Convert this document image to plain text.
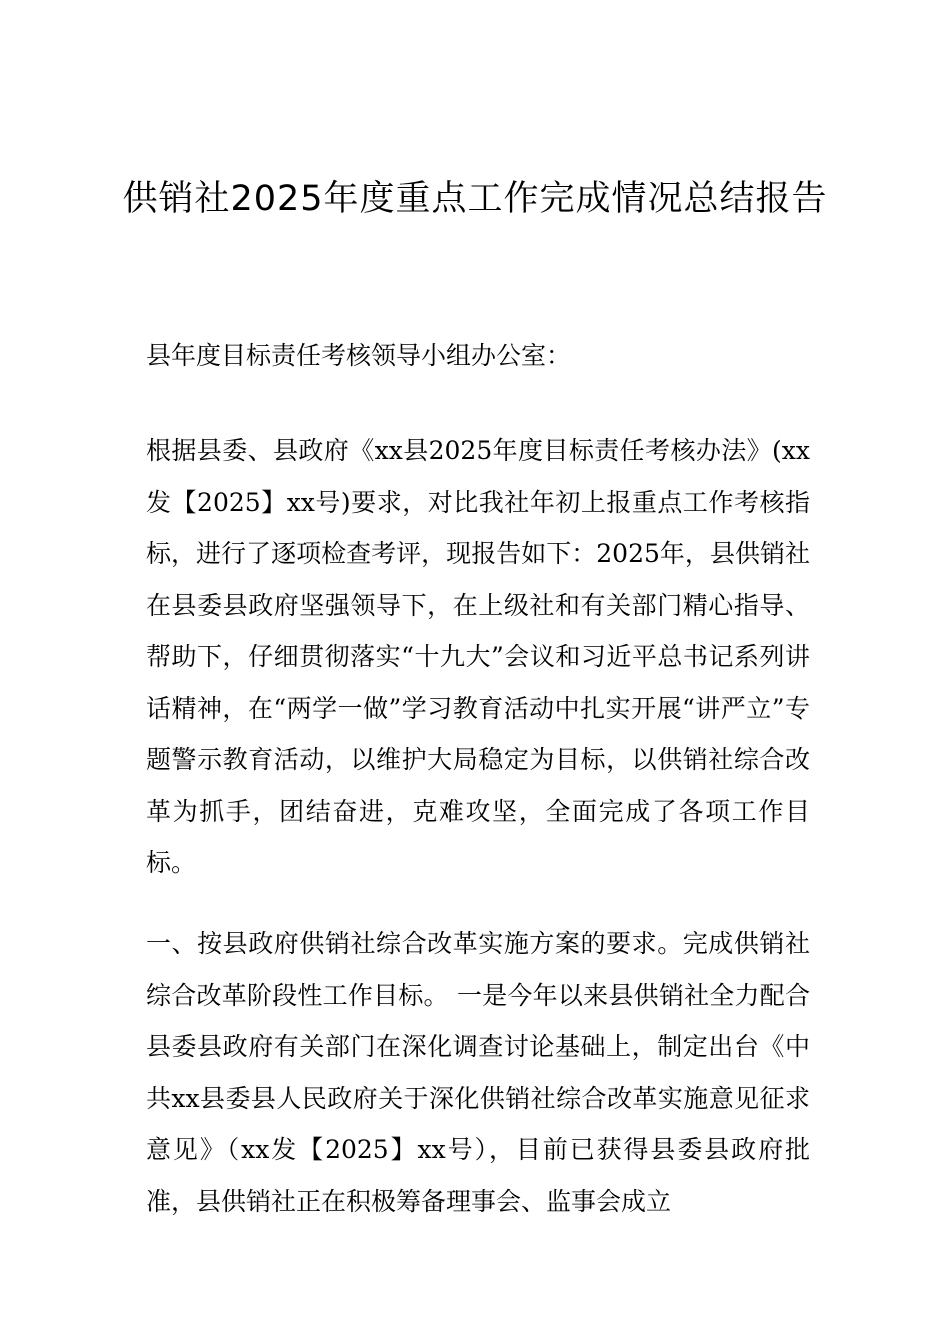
供销社2025年度重点工作完成情况总结报告

县年度目标责任考核领导小组办公室：

根据县委、县政府《xx县2025年度目标责任考核办法》(xx发【2025】xx号)要求，对比我社年初上报重点工作考核指标，进行了逐项检查考评，现报告如下：2025年，县供销社在县委县政府坚强领导下，在上级社和有关部门精心指导、帮助下，仔细贯彻落实“十九大”会议和习近平总书记系列讲话精神，在“两学一做”学习教育活动中扎实开展“讲严立”专题警示教育活动，以维护大局稳定为目标，以供销社综合改革为抓手，团结奋进，克难攻坚，全面完成了各项工作目标。

一、按县政府供销社综合改革实施方案的要求。完成供销社综合改革阶段性工作目标。 一是今年以来县供销社全力配合县委县政府有关部门在深化调查讨论基础上，制定出台《中共xx县委县人民政府关于深化供销社综合改革实施意见征求意见》（xx发【2025】xx号），目前已获得县委县政府批准，县供销社正在积极筹备理事会、监事会成立
